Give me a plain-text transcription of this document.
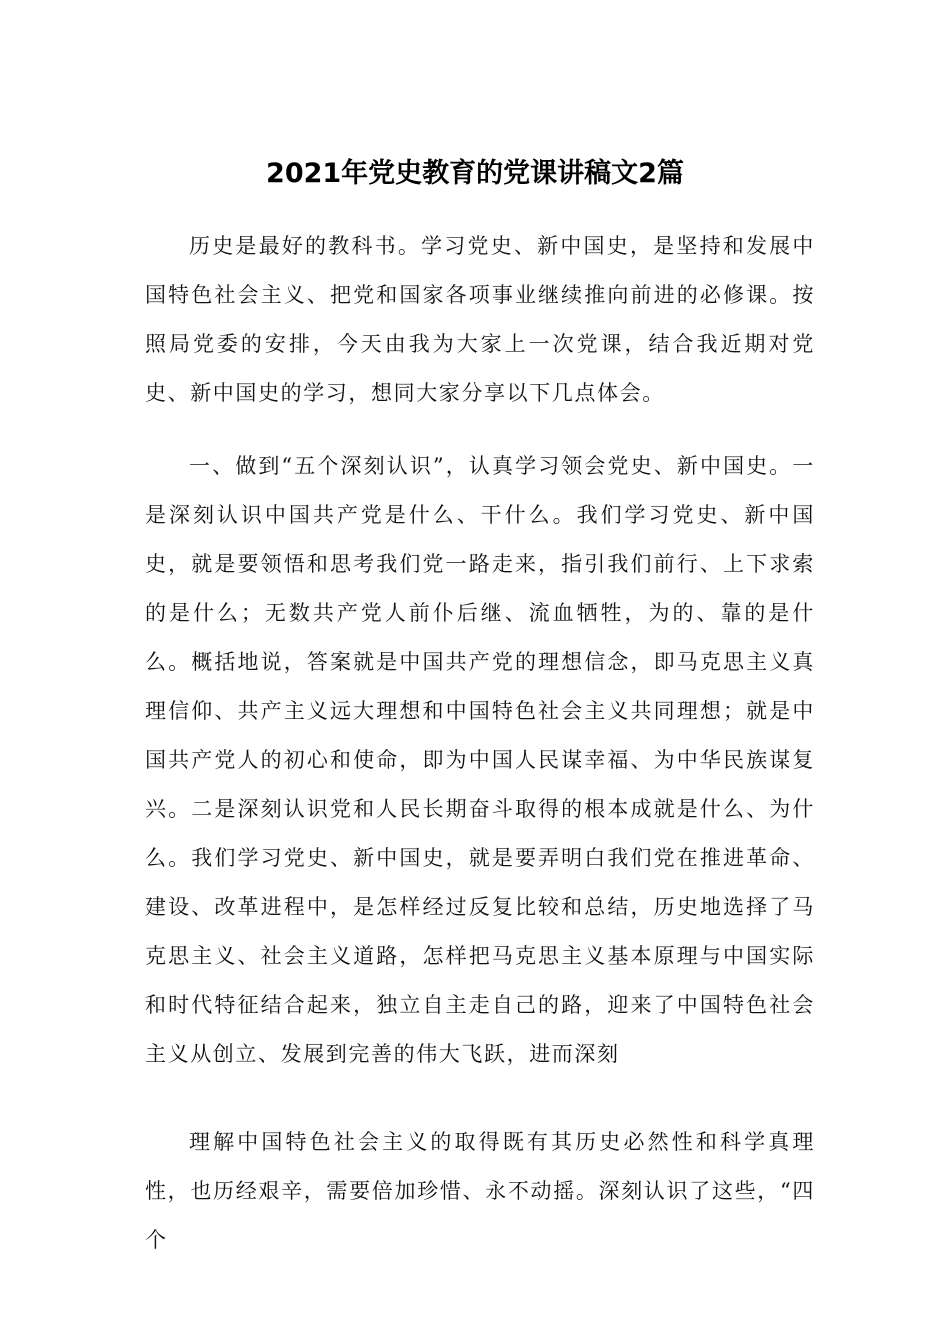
2021年党史教育的党课讲稿文2篇

历史是最好的教科书。学习党史、新中国史，是坚持和发展中国特色社会主义、把党和国家各项事业继续推向前进的必修课。按照局党委的安排，今天由我为大家上一次党课，结合我近期对党史、新中国史的学习，想同大家分享以下几点体会。

一、做到“五个深刻认识”，认真学习领会党史、新中国史。一是深刻认识中国共产党是什么、干什么。我们学习党史、新中国史，就是要领悟和思考我们党一路走来，指引我们前行、上下求索的是什么；无数共产党人前仆后继、流血牺牲，为的、靠的是什么。概括地说，答案就是中国共产党的理想信念，即马克思主义真理信仰、共产主义远大理想和中国特色社会主义共同理想；就是中国共产党人的初心和使命，即为中国人民谋幸福、为中华民族谋复兴。二是深刻认识党和人民长期奋斗取得的根本成就是什么、为什么。我们学习党史、新中国史，就是要弄明白我们党在推进革命、建设、改革进程中，是怎样经过反复比较和总结，历史地选择了马克思主义、社会主义道路，怎样把马克思主义基本原理与中国实际和时代特征结合起来，独立自主走自己的路，迎来了中国特色社会主义从创立、发展到完善的伟大飞跃，进而深刻

理解中国特色社会主义的取得既有其历史必然性和科学真理性，也历经艰辛，需要倍加珍惜、永不动摇。深刻认识了这些，“四个
